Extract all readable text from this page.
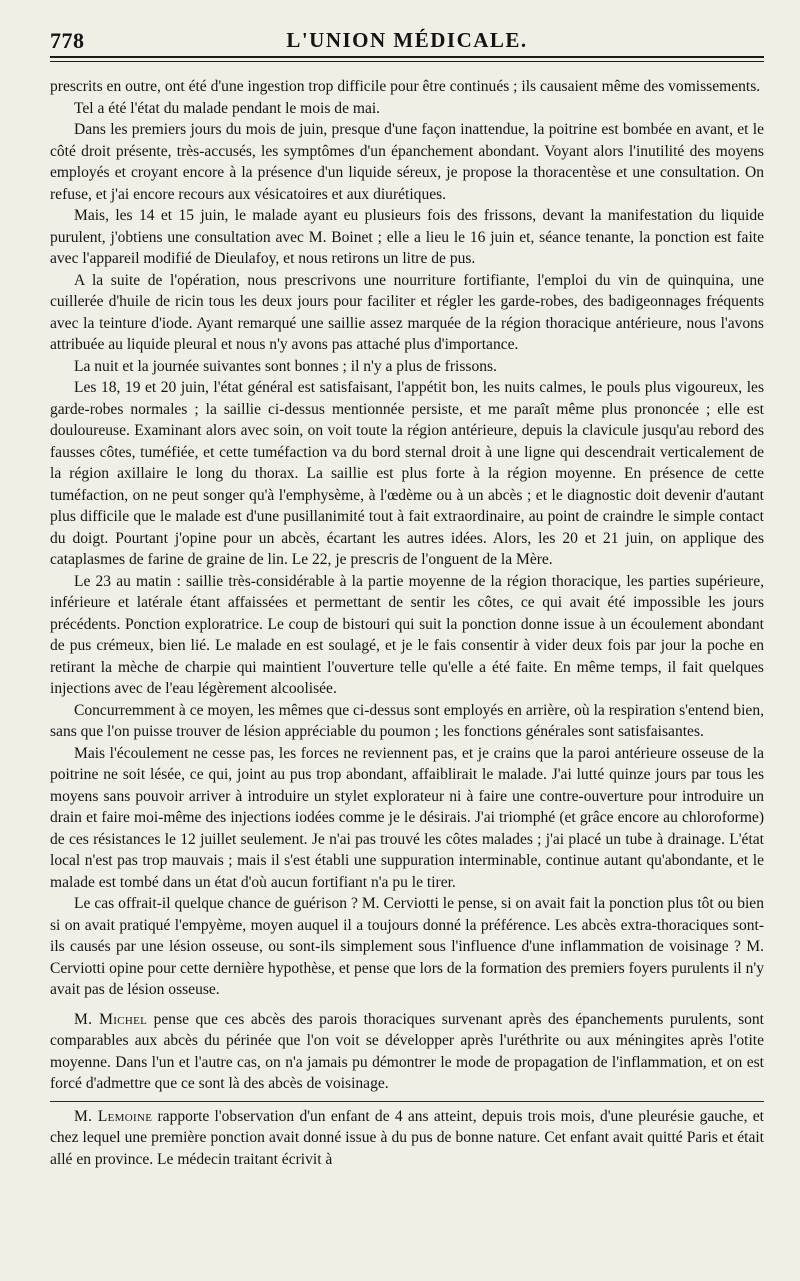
778	L'UNION MÉDICALE.

prescrits en outre, ont été d'une ingestion trop difficile pour être continués ; ils causaient même des vomissements.

Tel a été l'état du malade pendant le mois de mai.

Dans les premiers jours du mois de juin, presque d'une façon inattendue, la poitrine est bombée en avant, et le côté droit présente, très-accusés, les symptômes d'un épanchement abondant. Voyant alors l'inutilité des moyens employés et croyant encore à la présence d'un liquide séreux, je propose la thoracentèse et une consultation. On refuse, et j'ai encore recours aux vésicatoires et aux diurétiques.

Mais, les 14 et 15 juin, le malade ayant eu plusieurs fois des frissons, devant la manifestation du liquide purulent, j'obtiens une consultation avec M. Boinet ; elle a lieu le 16 juin et, séance tenante, la ponction est faite avec l'appareil modifié de Dieulafoy, et nous retirons un litre de pus.

A la suite de l'opération, nous prescrivons une nourriture fortifiante, l'emploi du vin de quinquina, une cuillerée d'huile de ricin tous les deux jours pour faciliter et régler les garde-robes, des badigeonnages fréquents avec la teinture d'iode. Ayant remarqué une saillie assez marquée de la région thoracique antérieure, nous l'avons attribuée au liquide pleural et nous n'y avons pas attaché plus d'importance.

La nuit et la journée suivantes sont bonnes ; il n'y a plus de frissons.

Les 18, 19 et 20 juin, l'état général est satisfaisant, l'appétit bon, les nuits calmes, le pouls plus vigoureux, les garde-robes normales ; la saillie ci-dessus mentionnée persiste, et me paraît même plus prononcée ; elle est douloureuse. Examinant alors avec soin, on voit toute la région antérieure, depuis la clavicule jusqu'au rebord des fausses côtes, tuméfiée, et cette tuméfaction va du bord sternal droit à une ligne qui descendrait verticalement de la région axillaire le long du thorax. La saillie est plus forte à la région moyenne. En présence de cette tuméfaction, on ne peut songer qu'à l'emphysème, à l'œdème ou à un abcès ; et le diagnostic doit devenir d'autant plus difficile que le malade est d'une pusillanimité tout à fait extraordinaire, au point de craindre le simple contact du doigt. Pourtant j'opine pour un abcès, écartant les autres idées. Alors, les 20 et 21 juin, on applique des cataplasmes de farine de graine de lin. Le 22, je prescris de l'onguent de la Mère.

Le 23 au matin : saillie très-considérable à la partie moyenne de la région thoracique, les parties supérieure, inférieure et latérale étant affaissées et permettant de sentir les côtes, ce qui avait été impossible les jours précédents. Ponction exploratrice. Le coup de bistouri qui suit la ponction donne issue à un écoulement abondant de pus crémeux, bien lié. Le malade en est soulagé, et je le fais consentir à vider deux fois par jour la poche en retirant la mèche de charpie qui maintient l'ouverture telle qu'elle a été faite. En même temps, il fait quelques injections avec de l'eau légèrement alcoolisée.

Concurremment à ce moyen, les mêmes que ci-dessus sont employés en arrière, où la respiration s'entend bien, sans que l'on puisse trouver de lésion appréciable du poumon ; les fonctions générales sont satisfaisantes.

Mais l'écoulement ne cesse pas, les forces ne reviennent pas, et je crains que la paroi antérieure osseuse de la poitrine ne soit lésée, ce qui, joint au pus trop abondant, affaiblirait le malade. J'ai lutté quinze jours par tous les moyens sans pouvoir arriver à introduire un stylet explorateur ni à faire une contre-ouverture pour introduire un drain et faire moi-même des injections iodées comme je le désirais. J'ai triomphé (et grâce encore au chloroforme) de ces résistances le 12 juillet seulement. Je n'ai pas trouvé les côtes malades ; j'ai placé un tube à drainage. L'état local n'est pas trop mauvais ; mais il s'est établi une suppuration interminable, continue autant qu'abondante, et le malade est tombé dans un état d'où aucun fortifiant n'a pu le tirer.

Le cas offrait-il quelque chance de guérison ? M. Cerviotti le pense, si on avait fait la ponction plus tôt ou bien si on avait pratiqué l'empyème, moyen auquel il a toujours donné la préférence. Les abcès extra-thoraciques sont-ils causés par une lésion osseuse, ou sont-ils simplement sous l'influence d'une inflammation de voisinage ? M. Cerviotti opine pour cette dernière hypothèse, et pense que lors de la formation des premiers foyers purulents il n'y avait pas de lésion osseuse.

M. Michel pense que ces abcès des parois thoraciques survenant après des épanchements purulents, sont comparables aux abcès du périnée que l'on voit se développer après l'uréthrite ou aux méningites après l'otite moyenne. Dans l'un et l'autre cas, on n'a jamais pu démontrer le mode de propagation de l'inflammation, et on est forcé d'admettre que ce sont là des abcès de voisinage.

M. Lemoine rapporte l'observation d'un enfant de 4 ans atteint, depuis trois mois, d'une pleurésie gauche, et chez lequel une première ponction avait donné issue à du pus de bonne nature. Cet enfant avait quitté Paris et était allé en province. Le médecin traitant écrivit à
